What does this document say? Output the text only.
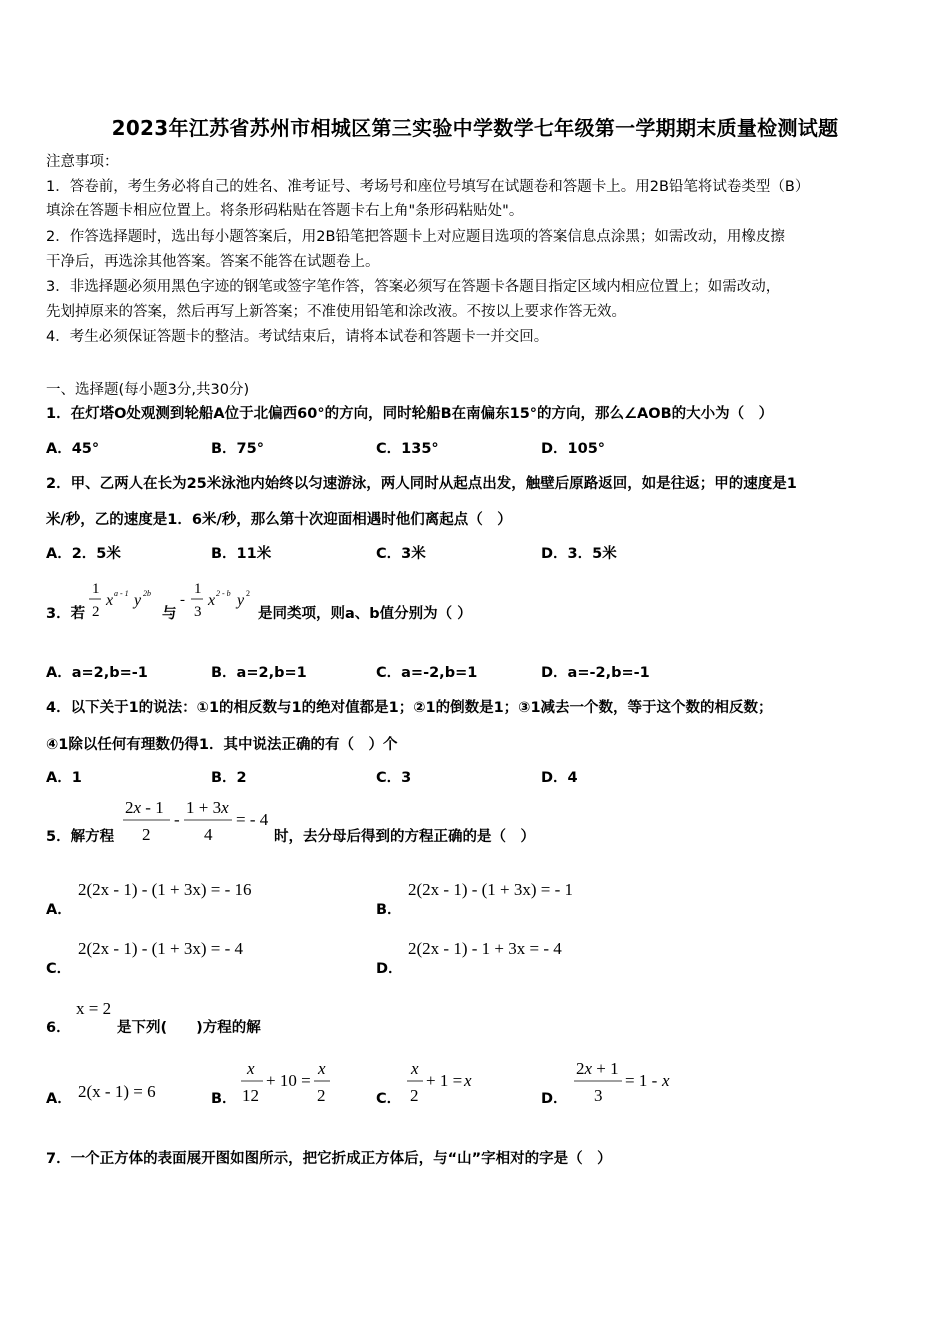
2023年江苏省苏州市相城区第三实验中学数学七年级第一学期期末质量检测试题
注意事项：
1．答卷前，考生务必将自己的姓名、准考证号、考场号和座位号填写在试题卷和答题卡上。用2B铅笔将试卷类型（B）
填涂在答题卡相应位置上。将条形码粘贴在答题卡右上角"条形码粘贴处"。
2．作答选择题时，选出每小题答案后，用2B铅笔把答题卡上对应题目选项的答案信息点涂黑；如需改动，用橡皮擦
干净后，再选涂其他答案。答案不能答在试题卷上。
3．非选择题必须用黑色字迹的钢笔或签字笔作答，答案必须写在答题卡各题目指定区域内相应位置上；如需改动，
先划掉原来的答案，然后再写上新答案；不准使用铅笔和涂改液。不按以上要求作答无效。
4．考生必须保证答题卡的整洁。考试结束后，请将本试卷和答题卡一并交回。
一、选择题(每小题3分,共30分)
1．在灯塔O处观测到轮船A位于北偏西60°的方向，同时轮船B在南偏东15°的方向，那么∠AOB的大小为（　）
A．45°	B．75°	C．135°	D．105°
2．甲、乙两人在长为25米泳池内始终以匀速游泳，两人同时从起点出发，触壁后原路返回，如是往返；甲的速度是1
米/秒，乙的速度是1．6米/秒，那么第十次迎面相遇时他们离起点（　）
A．2．5米	B．11米	C．3米	D．3．5米
3．若
1
2
x a - 1 y 2b
与
-
1
3
x 2 - b y 2
是同类项，则a、b值分别为（ ）
A．a=2,b=-1	B．a=2,b=1	C．a=-2,b=1	D．a=-2,b=-1
4．以下关于1的说法：①1的相反数与1的绝对值都是1；②1的倒数是1；③1减去一个数，等于这个数的相反数；
④1除以任何有理数仍得1．其中说法正确的有（　）个
A．1	B．2	C．3	D．4
5．解方程
2x - 1
2
-
1 + 3x
4
= - 4
时，去分母后得到的方程正确的是（　）
A．
2(2x - 1) - (1 + 3x) = - 16
B．
2(2x - 1) - (1 + 3x) = - 1
C．
2(2x - 1) - (1 + 3x) = - 4
D．
2(2x - 1) - 1 + 3x = - 4
6．
x = 2
是下列(　　)方程的解
A． 2(x - 1) = 6	B．
x
12
+ 10 =
x
2	C．
x
2
+ 1 = x
D．
2x + 1
3
= 1 - x
7．一个正方体的表面展开图如图所示，把它折成正方体后，与“山”字相对的字是（　）
